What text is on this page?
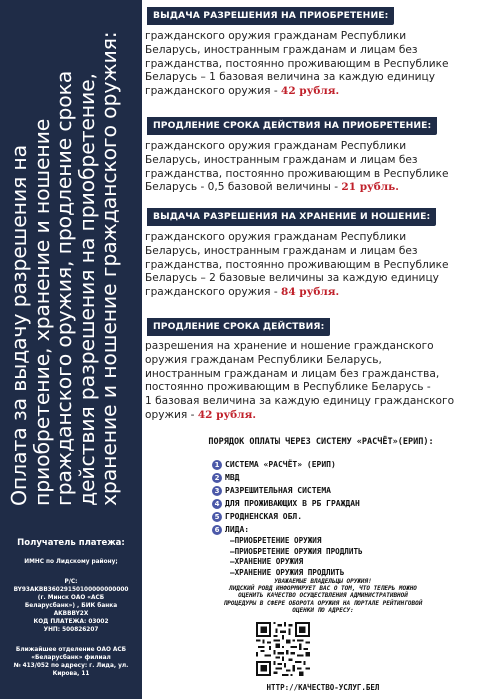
Оплата за выдачу разрешения на приобретение, хранение и ношение гражданского оружия, продление срока действия разрешения на приобретение, хранение и ношение гражданского оружия:
Получатель платежа:
ИМНС по Лидскому району;
Р/С:
BY93AKBB36029150100000000000
(г. Минск ОАО «АСБ
Беларусбанк») , БИК банка
AKBBBY2X
КОД ПЛАТЕЖА: 03002
УНП: 500826207
Ближайшее отделение ОАО АСБ
«Беларусбанк» филиал
№ 413/052 по адресу: г. Лида, ул.
Кирова, 11
ВЫДАЧА РАЗРЕШЕНИЯ НА ПРИОБРЕТЕНИЕ:
гражданского оружия гражданам Республики
Беларусь, иностранным гражданам и лицам без
гражданства, постоянно проживающим в Республике
Беларусь – 1 базовая величина за каждую единицу
гражданского оружия - 42 рубля.
ПРОДЛЕНИЕ СРОКА ДЕЙСТВИЯ НА ПРИОБРЕТЕНИЕ:
гражданского оружия гражданам Республики
Беларусь, иностранным гражданам и лицам без
гражданства, постоянно проживающим в Республике
Беларусь - 0,5 базовой величины - 21 рубль.
ВЫДАЧА РАЗРЕШЕНИЯ НА ХРАНЕНИЕ И НОШЕНИЕ:
гражданского оружия гражданам Республики
Беларусь, иностранным гражданам и лицам без
гражданства, постоянно проживающим в Республике
Беларусь – 2 базовые величины за каждую единицу
гражданского оружия - 84 рубля.
ПРОДЛЕНИЕ СРОКА ДЕЙСТВИЯ:
разрешения на хранение и ношение гражданского
оружия гражданам Республики Беларусь,
иностранным гражданам и лицам без гражданства,
постоянно проживающим в Республике Беларусь -
1 базовая величина за каждую единицу гражданского
оружия - 42 рубля.
ПОРЯДОК ОПЛАТЫ ЧЕРЕЗ СИСТЕМУ «РАСЧЁТ»(ЕРИП):
1 СИСТЕМА «РАСЧЁТ» (ЕРИП)
2 МВД
3 РАЗРЕШИТЕЛЬНАЯ СИСТЕМА
4 ДЛЯ ПРОЖИВАЮЩИХ В РБ ГРАЖДАН
5 ГРОДНЕНСКАЯ ОБЛ.
6 ЛИДА:
–ПРИОБРЕТЕНИЕ ОРУЖИЯ
–ПРИОБРЕТЕНИЕ ОРУЖИЯ ПРОДЛИТЬ
–ХРАНЕНИЕ ОРУЖИЯ
–ХРАНЕНИЕ ОРУЖИЯ ПРОДЛИТЬ
УВАЖАЕМЫЕ ВЛАДЕЛЬЦЫ ОРУЖИЯ!
ЛИДСКИЙ РОВД ИНФОРМИРУЕТ ВАС О ТОМ, ЧТО ТЕПЕРЬ МОЖНО
ОЦЕНИТЬ КАЧЕСТВО ОСУЩЕСТВЛЕНИЯ АДМИНИСТРАТИВНОЙ
ПРОЦЕДУРЫ В СФЕРЕ ОБОРОТА ОРУЖИЯ НА ПОРТАЛЕ РЕЙТИНГОВОЙ
ОЦЕНКИ ПО АДРЕСУ:
HTTP://КАЧЕСТВО-УСЛУГ.БЕЛ
